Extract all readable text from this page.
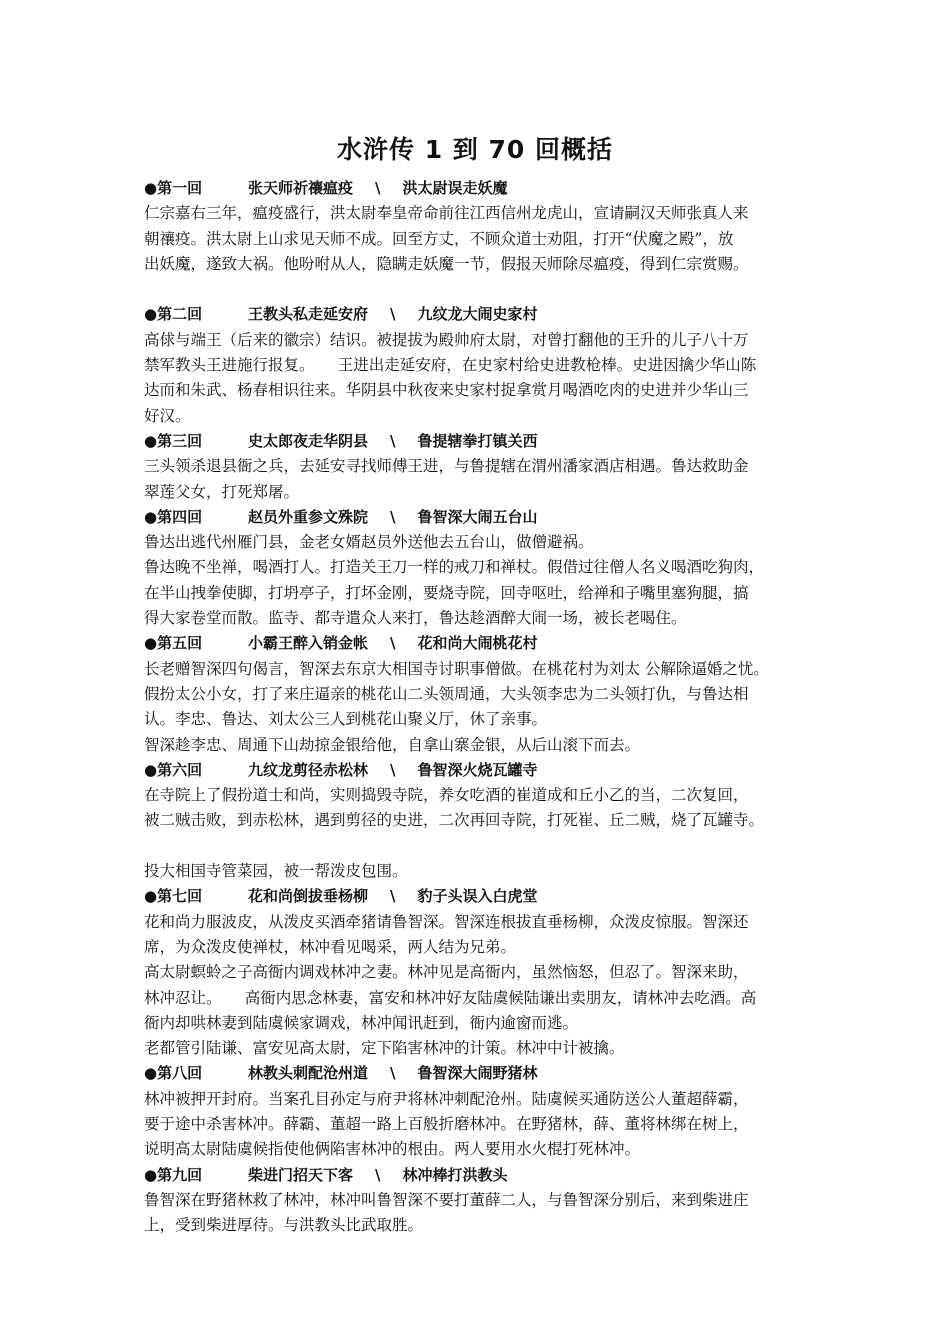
水浒传 1 到 70 回概括
●第一回	张天师祈禳瘟疫 \ 洪太尉误走妖魔
仁宗嘉右三年，瘟疫盛行，洪太尉奉皇帝命前往江西信州龙虎山，宣请嗣汉天师张真人来
朝禳疫。洪太尉上山求见天师不成。回至方丈，不顾众道士劝阻，打开“伏魔之殿”，放
出妖魔，遂致大祸。他吩咐从人，隐瞒走妖魔一节，假报天师除尽瘟疫，得到仁宗赏赐。
●第二回	王教头私走延安府 \ 九纹龙大闹史家村
高俅与端王（后来的徽宗）结识。被提拔为殿帅府太尉，对曾打翻他的王升的儿子八十万
禁军教头王进施行报复。　　王进出走延安府，在史家村给史进教枪棒。史进因擒少华山陈
达而和朱武、杨春相识往来。华阴县中秋夜来史家村捉拿赏月喝酒吃肉的史进并少华山三
好汉。
●第三回	史太郎夜走华阴县 \ 鲁提辖拳打镇关西
三头领杀退县衙之兵，去延安寻找师傅王进，与鲁提辖在渭州潘家酒店相遇。鲁达救助金
翠莲父女，打死郑屠。
●第四回	赵员外重参文殊院 \ 鲁智深大闹五台山
鲁达出逃代州雁门县，金老女婿赵员外送他去五台山，做僧避祸。
鲁达晚不坐禅，喝酒打人。打造关王刀一样的戒刀和禅杖。假借过往僧人名义喝酒吃狗肉，
在半山拽拳使脚，打坍亭子，打坏金刚，要烧寺院，回寺呕吐，给禅和子嘴里塞狗腿，搞
得大家卷堂而散。监寺、都寺遣众人来打，鲁达趁酒醉大闹一场，被长老喝住。
●第五回	小霸王醉入销金帐 \ 花和尚大闹桃花村
长老赠智深四句偈言，智深去东京大相国寺讨职事僧做。在桃花村为刘太 公解除逼婚之忧。
假扮太公小女，打了来庄逼亲的桃花山二头领周通，大头领李忠为二头领打仇，与鲁达相
认。李忠、鲁达、刘太公三人到桃花山聚义厅，休了亲事。
智深趁李忠、周通下山劫掠金银给他，自拿山寨金银，从后山滚下而去。
●第六回	九纹龙剪径赤松林 \ 鲁智深火烧瓦罐寺
在寺院上了假扮道士和尚，实则捣毁寺院，养女吃酒的崔道成和丘小乙的当，二次复回，
被二贼击败，到赤松林，遇到剪径的史进，二次再回寺院，打死崔、丘二贼，烧了瓦罐寺。
投大相国寺管菜园，被一帮泼皮包围。
●第七回	花和尚倒拔垂杨柳 \ 豹子头误入白虎堂
花和尚力服波皮，从泼皮买酒牵猪请鲁智深。智深连根拔直垂杨柳，众泼皮惊服。智深还
席，为众泼皮使禅杖，林冲看见喝采，两人结为兄弟。
高太尉螟蛉之子高衙内调戏林冲之妻。林冲见是高衙内，虽然恼怒，但忍了。智深来助，
林冲忍让。　　高衙内思念林妻，富安和林冲好友陆虞候陆谦出卖朋友，请林冲去吃酒。高
衙内却哄林妻到陆虞候家调戏，林冲闻讯赶到，衙内逾窗而逃。
老都管引陆谦、富安见高太尉，定下陷害林冲的计策。林冲中计被擒。
●第八回	林教头刺配沧州道 \ 鲁智深大闹野猪林
林冲被押开封府。当案孔目孙定与府尹将林冲刺配沧州。陆虞候买通防送公人董超薛霸，
要于途中杀害林冲。薛霸、董超一路上百般折磨林冲。在野猪林，薛、董将林绑在树上，
说明高太尉陆虞候指使他俩陷害林冲的根由。两人要用水火棍打死林冲。
●第九回	柴进门招天下客 \ 林冲棒打洪教头
鲁智深在野猪林救了林冲，林冲叫鲁智深不要打董薛二人，与鲁智深分别后，来到柴进庄
上，受到柴进厚待。与洪教头比武取胜。
